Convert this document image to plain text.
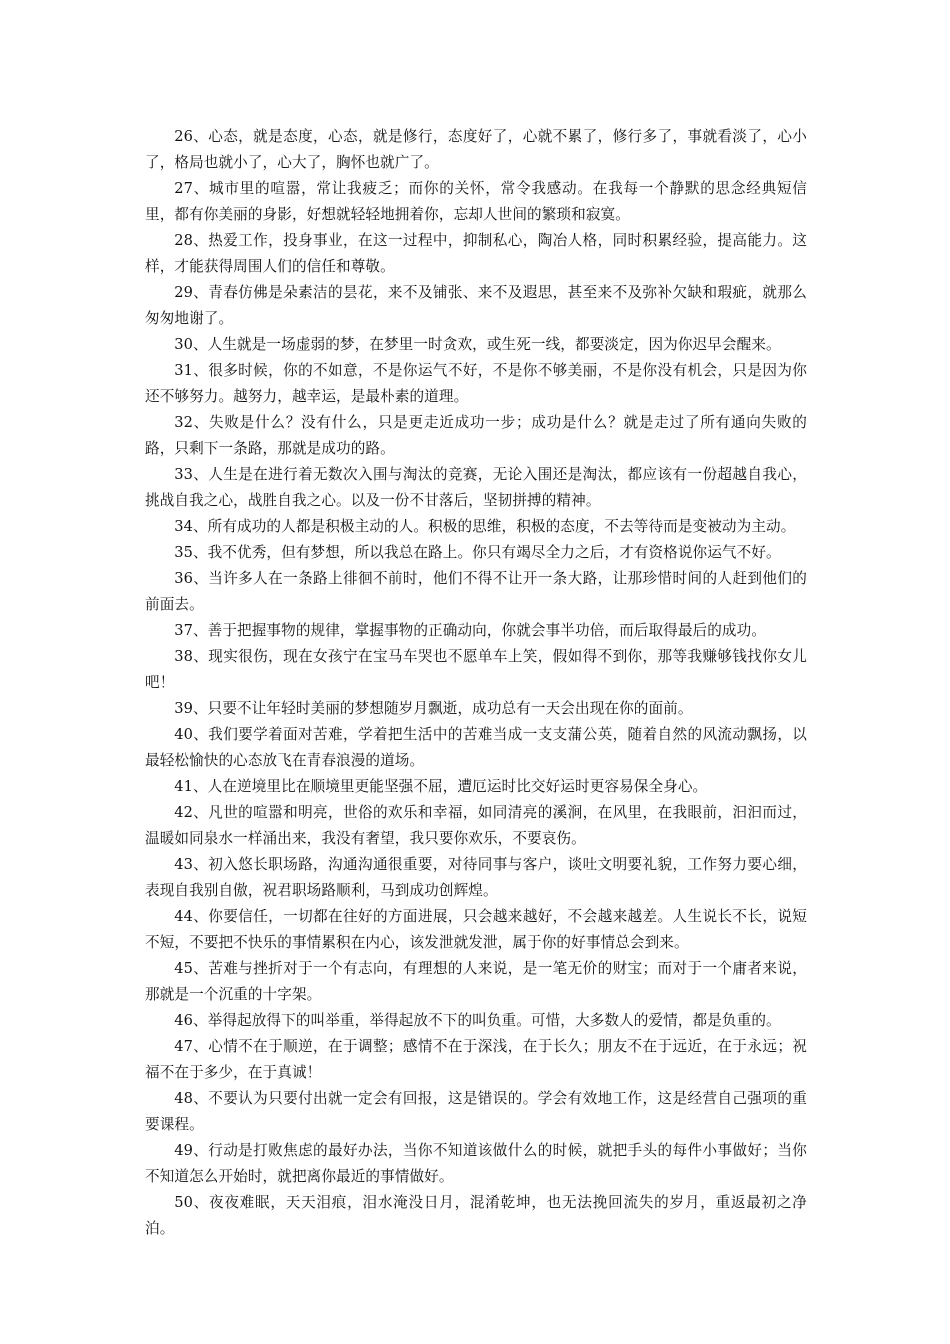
26、心态，就是态度，心态，就是修行，态度好了，心就不累了，修行多了，事就看淡了，心小了，格局也就小了，心大了，胸怀也就广了。

27、城市里的喧嚣，常让我疲乏；而你的关怀，常令我感动。在我每一个静默的思念经典短信里，都有你美丽的身影，好想就轻轻地拥着你，忘却人世间的繁琐和寂寞。

28、热爱工作，投身事业，在这一过程中，抑制私心，陶冶人格，同时积累经验，提高能力。这样，才能获得周围人们的信任和尊敬。

29、青春仿佛是朵素洁的昙花，来不及铺张、来不及遐思，甚至来不及弥补欠缺和瑕疵，就那么匆匆地谢了。

30、人生就是一场虚弱的梦，在梦里一时贪欢，或生死一线，都要淡定，因为你迟早会醒来。

31、很多时候，你的不如意，不是你运气不好，不是你不够美丽，不是你没有机会，只是因为你还不够努力。越努力，越幸运，是最朴素的道理。

32、失败是什么？没有什么，只是更走近成功一步；成功是什么？就是走过了所有通向失败的路，只剩下一条路，那就是成功的路。

33、人生是在进行着无数次入围与淘汰的竞赛，无论入围还是淘汰，都应该有一份超越自我心，挑战自我之心，战胜自我之心。以及一份不甘落后，坚韧拼搏的精神。

34、所有成功的人都是积极主动的人。积极的思维，积极的态度，不去等待而是变被动为主动。

35、我不优秀，但有梦想，所以我总在路上。你只有竭尽全力之后，才有资格说你运气不好。

36、当许多人在一条路上徘徊不前时，他们不得不让开一条大路，让那珍惜时间的人赶到他们的前面去。

37、善于把握事物的规律，掌握事物的正确动向，你就会事半功倍，而后取得最后的成功。

38、现实很伤，现在女孩宁在宝马车哭也不愿单车上笑，假如得不到你，那等我赚够钱找你女儿吧！

39、只要不让年轻时美丽的梦想随岁月飘逝，成功总有一天会出现在你的面前。

40、我们要学着面对苦难，学着把生活中的苦难当成一支支蒲公英，随着自然的风流动飘扬，以最轻松愉快的心态放飞在青春浪漫的道场。

41、人在逆境里比在顺境里更能坚强不屈，遭厄运时比交好运时更容易保全身心。

42、凡世的喧嚣和明亮，世俗的欢乐和幸福，如同清亮的溪涧，在风里，在我眼前，汩汩而过，温暖如同泉水一样涌出来，我没有奢望，我只要你欢乐，不要哀伤。

43、初入悠长职场路，沟通沟通很重要，对待同事与客户，谈吐文明要礼貌，工作努力要心细，表现自我别自傲，祝君职场路顺利，马到成功创辉煌。

44、你要信任，一切都在往好的方面进展，只会越来越好，不会越来越差。人生说长不长，说短不短，不要把不快乐的事情累积在内心，该发泄就发泄，属于你的好事情总会到来。

45、苦难与挫折对于一个有志向，有理想的人来说，是一笔无价的财宝；而对于一个庸者来说，那就是一个沉重的十字架。

46、举得起放得下的叫举重，举得起放不下的叫负重。可惜，大多数人的爱情，都是负重的。

47、心情不在于顺逆，在于调整；感情不在于深浅，在于长久；朋友不在于远近，在于永远；祝福不在于多少，在于真诚！

48、不要认为只要付出就一定会有回报，这是错误的。学会有效地工作，这是经营自己强项的重要课程。

49、行动是打败焦虑的最好办法，当你不知道该做什么的时候，就把手头的每件小事做好；当你不知道怎么开始时，就把离你最近的事情做好。

50、夜夜难眠，天天泪痕，泪水淹没日月，混淆乾坤，也无法挽回流失的岁月，重返最初之净泊。
